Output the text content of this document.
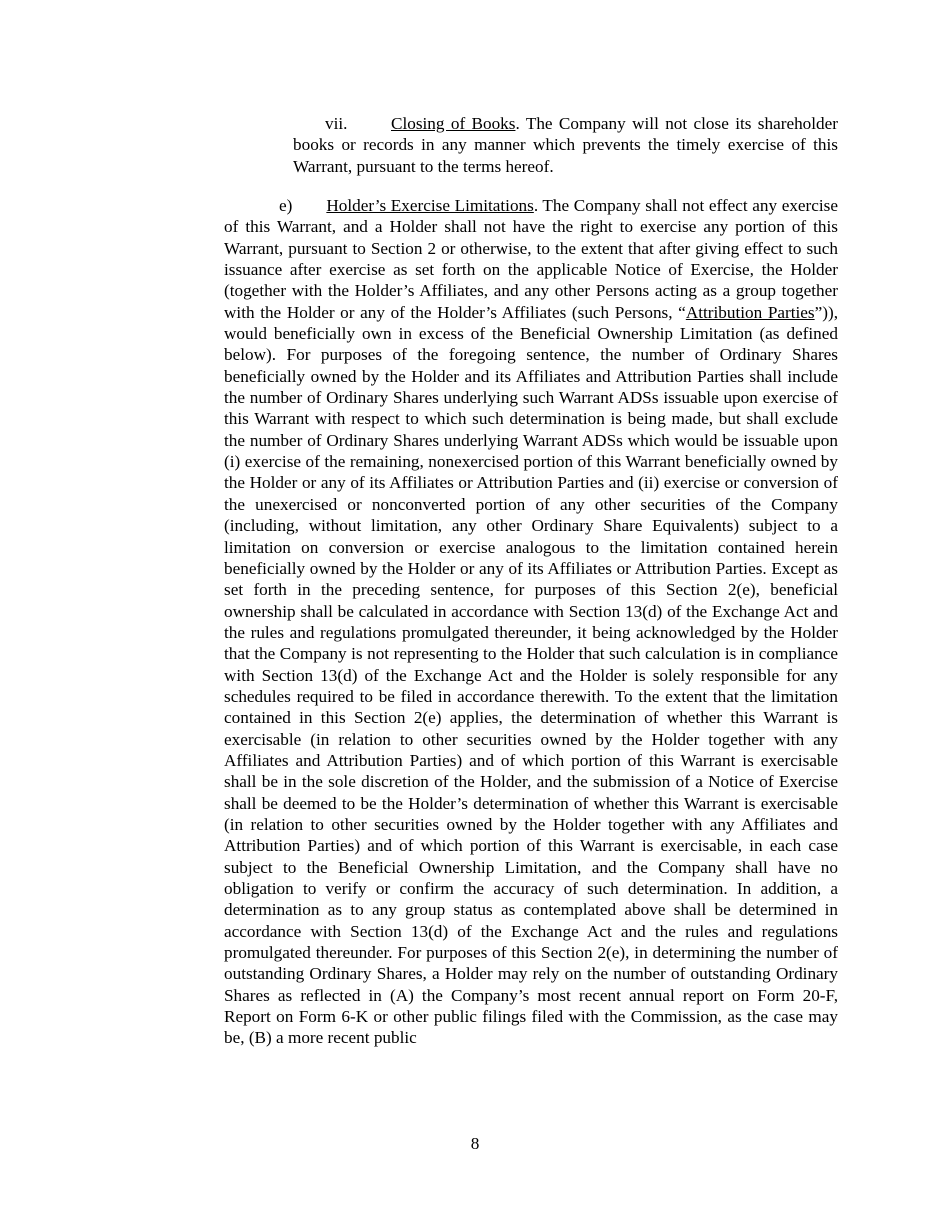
vii.	Closing of Books. The Company will not close its shareholder books or records in any manner which prevents the timely exercise of this Warrant, pursuant to the terms hereof.

e) Holder’s Exercise Limitations. The Company shall not effect any exercise of this Warrant, and a Holder shall not have the right to exercise any portion of this Warrant, pursuant to Section 2 or otherwise, to the extent that after giving effect to such issuance after exercise as set forth on the applicable Notice of Exercise, the Holder (together with the Holder’s Affiliates, and any other Persons acting as a group together with the Holder or any of the Holder’s Affiliates (such Persons, “Attribution Parties”)), would beneficially own in excess of the Beneficial Ownership Limitation (as defined below). For purposes of the foregoing sentence, the number of Ordinary Shares beneficially owned by the Holder and its Affiliates and Attribution Parties shall include the number of Ordinary Shares underlying such Warrant ADSs issuable upon exercise of this Warrant with respect to which such determination is being made, but shall exclude the number of Ordinary Shares underlying Warrant ADSs which would be issuable upon (i) exercise of the remaining, nonexercised portion of this Warrant beneficially owned by the Holder or any of its Affiliates or Attribution Parties and (ii) exercise or conversion of the unexercised or nonconverted portion of any other securities of the Company (including, without limitation, any other Ordinary Share Equivalents) subject to a limitation on conversion or exercise analogous to the limitation contained herein beneficially owned by the Holder or any of its Affiliates or Attribution Parties. Except as set forth in the preceding sentence, for purposes of this Section 2(e), beneficial ownership shall be calculated in accordance with Section 13(d) of the Exchange Act and the rules and regulations promulgated thereunder, it being acknowledged by the Holder that the Company is not representing to the Holder that such calculation is in compliance with Section 13(d) of the Exchange Act and the Holder is solely responsible for any schedules required to be filed in accordance therewith. To the extent that the limitation contained in this Section 2(e) applies, the determination of whether this Warrant is exercisable (in relation to other securities owned by the Holder together with any Affiliates and Attribution Parties) and of which portion of this Warrant is exercisable shall be in the sole discretion of the Holder, and the submission of a Notice of Exercise shall be deemed to be the Holder’s determination of whether this Warrant is exercisable (in relation to other securities owned by the Holder together with any Affiliates and Attribution Parties) and of which portion of this Warrant is exercisable, in each case subject to the Beneficial Ownership Limitation, and the Company shall have no obligation to verify or confirm the accuracy of such determination. In addition, a determination as to any group status as contemplated above shall be determined in accordance with Section 13(d) of the Exchange Act and the rules and regulations promulgated thereunder. For purposes of this Section 2(e), in determining the number of outstanding Ordinary Shares, a Holder may rely on the number of outstanding Ordinary Shares as reflected in (A) the Company’s most recent annual report on Form 20-F, Report on Form 6-K or other public filings filed with the Commission, as the case may be, (B) a more recent public

8
